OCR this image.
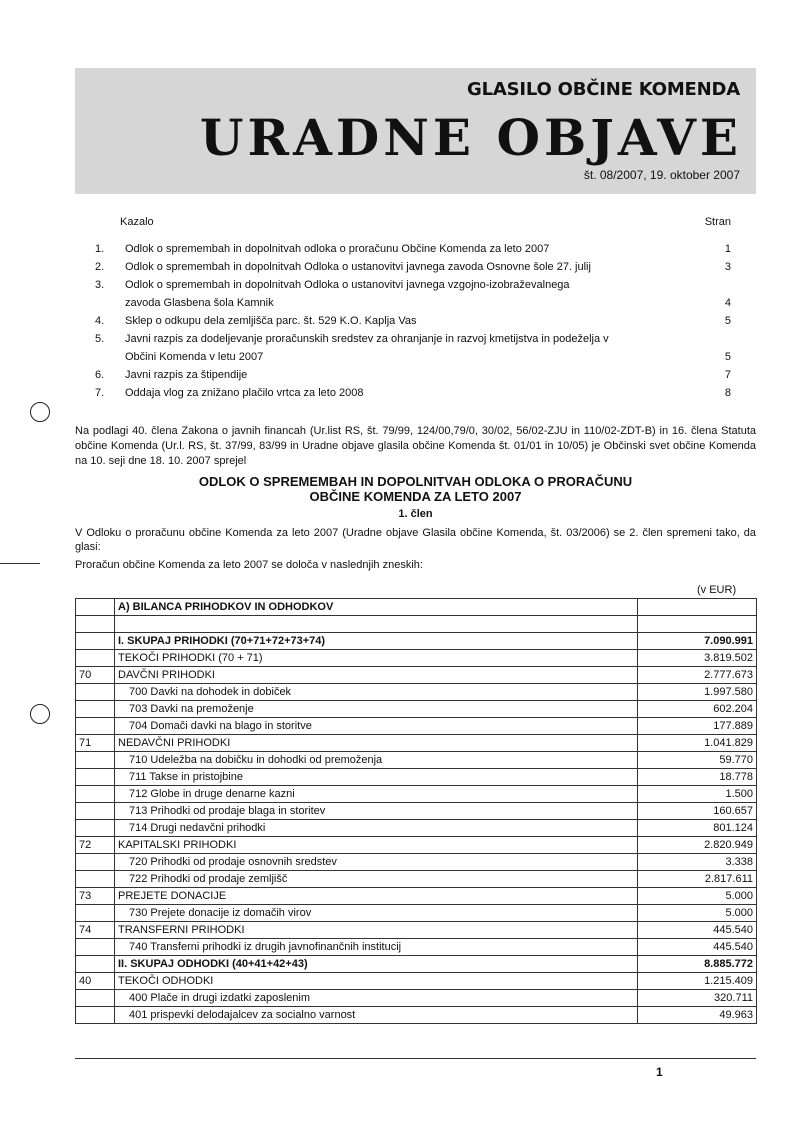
GLASILO OBČINE KOMENDA
URADNE OBJAVE
št. 08/2007, 19. oktober 2007
Kazalo	Stran
1.	Odlok o spremembah in dopolnitvah odloka o proračunu Občine Komenda za leto 2007	1
2.	Odlok o spremembah in dopolnitvah Odloka o ustanovitvi javnega zavoda Osnovne šole 27. julij	3
3.	Odlok o spremembah in dopolnitvah Odloka o ustanovitvi javnega vzgojno-izobraževalnega
zavoda Glasbena šola Kamnik	4
4.	Sklep o odkupu dela zemljišča parc. št. 529 K.O. Kaplja Vas	5
5.	Javni razpis za dodeljevanje proračunskih sredstev za ohranjanje in razvoj kmetijstva in podeželja v
Občini Komenda v letu 2007	5
6.	Javni razpis za štipendije	7
7.	Oddaja vlog za znižano plačilo vrtca za leto 2008	8
Na podlagi 40. člena Zakona o javnih financah (Ur.list RS, št. 79/99, 124/00,79/0, 30/02, 56/02-ZJU in 110/02-ZDT-B) in 16. člena Statuta občine Komenda (Ur.l. RS, št. 37/99, 83/99 in Uradne objave glasila občine Komenda št. 01/01 in 10/05) je Občinski svet občine Komenda na 10. seji dne 18. 10. 2007 sprejel
ODLOK O SPREMEMBAH IN DOPOLNITVAH ODLOKA O PRORAČUNU
OBČINE KOMENDA ZA LETO 2007
1. člen
V Odloku o proračunu občine Komenda za leto 2007 (Uradne objave Glasila občine Komenda, št. 03/2006) se 2. člen spremeni tako, da glasi:
Proračun občine Komenda za leto 2007 se določa v naslednjih zneskih:
(v EUR)
	A) BILANCA PRIHODKOV IN ODHODKOV	

	I. SKUPAJ PRIHODKI (70+71+72+73+74)	7.090.991
	TEKOČI PRIHODKI (70 + 71)	3.819.502
70	DAVČNI PRIHODKI	2.777.673
	700 Davki na dohodek in dobiček	1.997.580
	703 Davki na premoženje	602.204
	704 Domači davki na blago in storitve	177.889
71	NEDAVČNI PRIHODKI	1.041.829
	710 Udeležba na dobičku in dohodki od premoženja	59.770
	711 Takse in pristojbine	18.778
	712 Globe in druge denarne kazni	1.500
	713 Prihodki od prodaje blaga in storitev	160.657
	714 Drugi nedavčni prihodki	801.124
72	KAPITALSKI PRIHODKI	2.820.949
	720 Prihodki od prodaje osnovnih sredstev	3.338
	722 Prihodki od prodaje zemljišč	2.817.611
73	PREJETE DONACIJE	5.000
	730 Prejete donacije iz domačih virov	5.000
74	TRANSFERNI PRIHODKI	445.540
	740 Transferni prihodki iz drugih javnofinančnih institucij	445.540
	II. SKUPAJ ODHODKI (40+41+42+43)	8.885.772
40	TEKOČI ODHODKI	1.215.409
	400 Plače in drugi izdatki zaposlenim	320.711
	401 prispevki delodajalcev za socialno varnost	49.963
1
